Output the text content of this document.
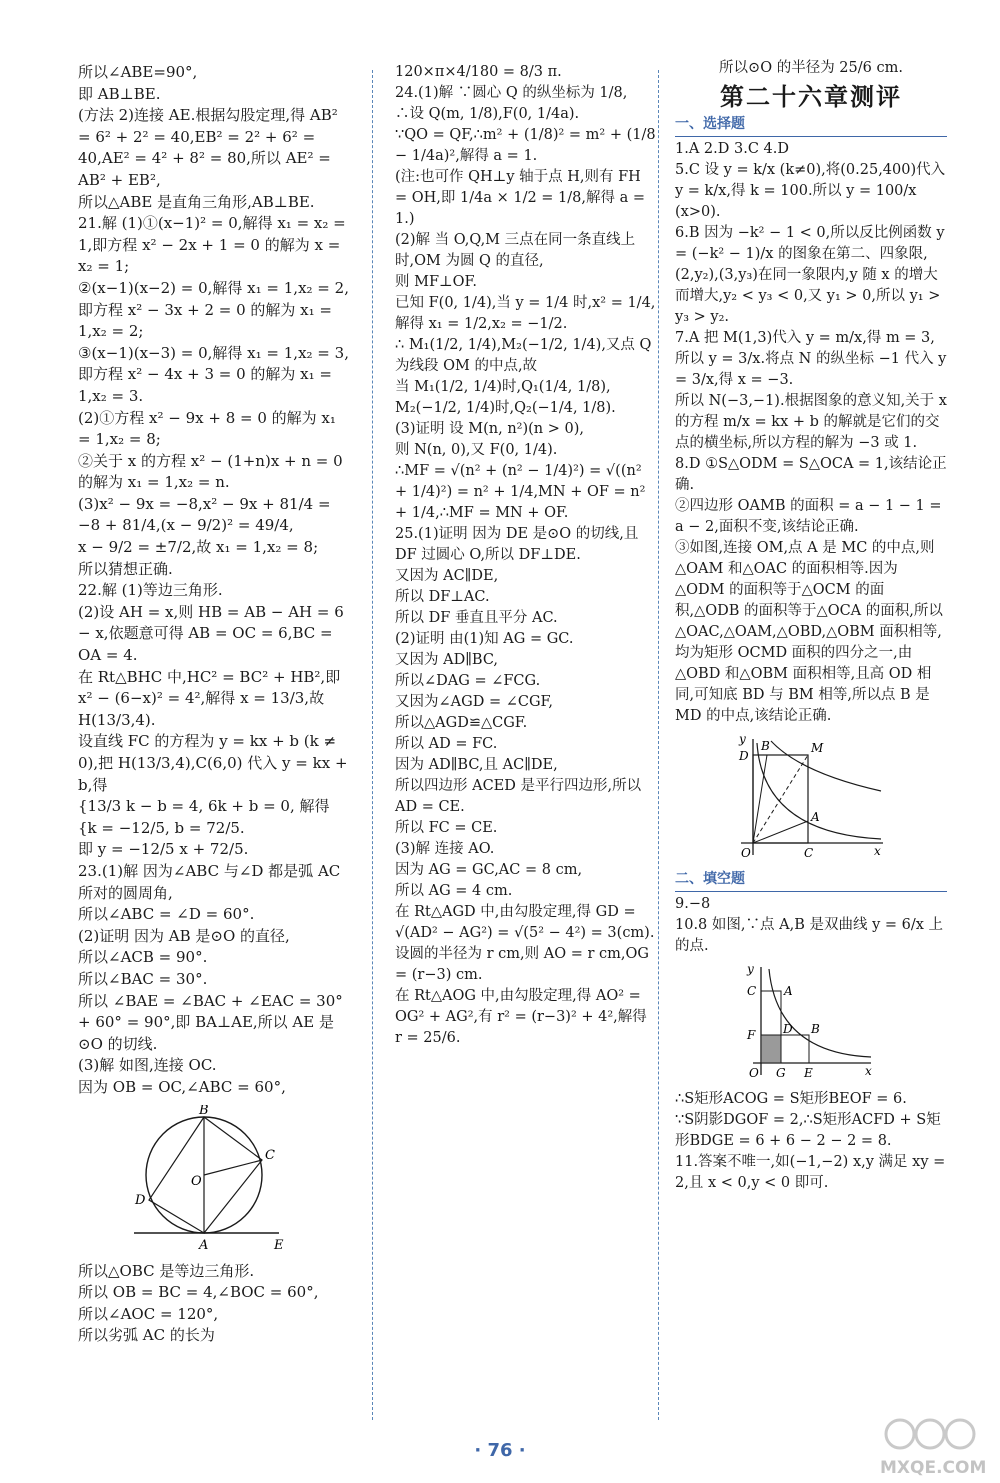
所以∠ABE=90°,

即 AB⊥BE.

(方法 2)连接 AE.根据勾股定理,得 AB² = 6² + 2² = 40,EB² = 2² + 6² = 40,AE² = 4² + 8² = 80,所以 AE² = AB² + EB²,

所以△ABE 是直角三角形,AB⊥BE.

21.解 (1)①(x−1)² = 0,解得 x₁ = x₂ = 1,即方程 x² − 2x + 1 = 0 的解为 x = x₂ = 1;

②(x−1)(x−2) = 0,解得 x₁ = 1,x₂ = 2,即方程 x² − 3x + 2 = 0 的解为 x₁ = 1,x₂ = 2;

③(x−1)(x−3) = 0,解得 x₁ = 1,x₂ = 3,即方程 x² − 4x + 3 = 0 的解为 x₁ = 1,x₂ = 3.

(2)①方程 x² − 9x + 8 = 0 的解为 x₁ = 1,x₂ = 8;

②关于 x 的方程 x² − (1+n)x + n = 0 的解为 x₁ = 1,x₂ = n.

(3)x² − 9x = −8,x² − 9x + 81/4 = −8 + 81/4,(x − 9/2)² = 49/4,

x − 9/2 = ±7/2,故 x₁ = 1,x₂ = 8;

所以猜想正确.

22.解 (1)等边三角形.

(2)设 AH = x,则 HB = AB − AH = 6 − x,依题意可得 AB = OC = 6,BC = OA = 4.

在 Rt△BHC 中,HC² = BC² + HB²,即 x² − (6−x)² = 4²,解得 x = 13/3,故 H(13/3,4).

设直线 FC 的方程为 y = kx + b (k ≠ 0),把 H(13/3,4),C(6,0) 代入 y = kx + b,得

{13/3 k − b = 4, 6k + b = 0, 解得 {k = −12/5, b = 72/5.

即 y = −12/5 x + 72/5.

23.(1)解 因为∠ABC 与∠D 都是弧 AC 所对的圆周角,

所以∠ABC = ∠D = 60°.

(2)证明 因为 AB 是⊙O 的直径,

所以∠ACB = 90°.

所以∠BAC = 30°.

所以 ∠BAE = ∠BAC + ∠EAC = 30° + 60° = 90°,即 BA⊥AE,所以 AE 是⊙O 的切线.

(3)解 如图,连接 OC.

因为 OB = OC,∠ABC = 60°,

B
C
D
O
A	E

所以△OBC 是等边三角形.

所以 OB = BC = 4,∠BOC = 60°,

所以∠AOC = 120°,

所以劣弧 AC 的长为

120×π×4/180 = 8/3 π.

24.(1)解 ∵圆心 Q 的纵坐标为 1/8,

∴设 Q(m, 1/8),F(0, 1/4a).

∵QO = QF,∴m² + (1/8)² = m² + (1/8 − 1/4a)²,解得 a = 1.

(注:也可作 QH⊥y 轴于点 H,则有 FH = OH,即 1/4a × 1/2 = 1/8,解得 a = 1.)

(2)解 当 O,Q,M 三点在同一条直线上时,OM 为圆 Q 的直径,

则 MF⊥OF.

已知 F(0, 1/4),当 y = 1/4 时,x² = 1/4,解得 x₁ = 1/2,x₂ = −1/2.

∴ M₁(1/2, 1/4),M₂(−1/2, 1/4),又点 Q 为线段 OM 的中点,故

当 M₁(1/2, 1/4)时,Q₁(1/4, 1/8),

M₂(−1/2, 1/4)时,Q₂(−1/4, 1/8).

(3)证明 设 M(n, n²)(n > 0),

则 N(n, 0),又 F(0, 1/4).

∴MF = √(n² + (n² − 1/4)²) = √((n² + 1/4)²) = n² + 1/4,MN + OF = n² + 1/4,∴MF = MN + OF.

25.(1)证明 因为 DE 是⊙O 的切线,且 DF 过圆心 O,所以 DF⊥DE.

又因为 AC∥DE,

所以 DF⊥AC.

所以 DF 垂直且平分 AC.

(2)证明 由(1)知 AG = GC.

又因为 AD∥BC,

所以∠DAG = ∠FCG.

又因为∠AGD = ∠CGF,

所以△AGD≌△CGF.

所以 AD = FC.

因为 AD∥BC,且 AC∥DE,

所以四边形 ACED 是平行四边形,所以 AD = CE.

所以 FC = CE.

(3)解 连接 AO.

因为 AG = GC,AC = 8 cm,

所以 AG = 4 cm.

在 Rt△AGD 中,由勾股定理,得 GD = √(AD² − AG²) = √(5² − 4²) = 3(cm).

设圆的半径为 r cm,则 AO = r cm,OG = (r−3) cm.

在 Rt△AOG 中,由勾股定理,得 AO² = OG² + AG²,有 r² = (r−3)² + 4²,解得 r = 25/6.

所以⊙O 的半径为 25/6 cm.

第二十六章测评
一、选择题

1.A 2.D 3.C 4.D

5.C 设 y = k/x (k≠0),将(0.25,400)代入 y = k/x,得 k = 100.所以 y = 100/x (x>0).

6.B 因为 −k² − 1 < 0,所以反比例函数 y = (−k² − 1)/x 的图象在第二、四象限,(2,y₂),(3,y₃)在同一象限内,y 随 x 的增大而增大,y₂ < y₃ < 0,又 y₁ > 0,所以 y₁ > y₃ > y₂.

7.A 把 M(1,3)代入 y = m/x,得 m = 3,所以 y = 3/x.将点 N 的纵坐标 −1 代入 y = 3/x,得 x = −3.

所以 N(−3,−1).根据图象的意义知,关于 x 的方程 m/x = kx + b 的解就是它们的交点的横坐标,所以方程的解为 −3 或 1.

8.D ①S△ODM = S△OCA = 1,该结论正确.

②四边形 OAMB 的面积 = a − 1 − 1 = a − 2,面积不变,该结论正确.

③如图,连接 OM,点 A 是 MC 的中点,则△OAM 和△OAC 的面积相等.因为△ODM 的面积等于△OCM 的面积,△ODB 的面积等于△OCA 的面积,所以△OAC,△OAM,△OBD,△OBM 面积相等,均为矩形 OCMD 面积的四分之一,由△OBD 和△OBM 面积相等,且高 OD 相同,可知底 BD 与 BM 相等,所以点 B 是 MD 的中点,该结论正确.

y B	M
D
A
O	C	x
二、填空题

9.−8

10.8 如图,∵点 A,B 是双曲线 y = 6/x 上的点.

y
C A
F D B
O G E	x

∴S矩形ACOG = S矩形BEOF = 6.

∵S阴影DGOF = 2,∴S矩形ACFD + S矩形BDGE = 6 + 6 − 2 − 2 = 8.

11.答案不唯一,如(−1,−2) x,y 满足 xy = 2,且 x < 0,y < 0 即可.

· 76 ·
MXQE.COM
